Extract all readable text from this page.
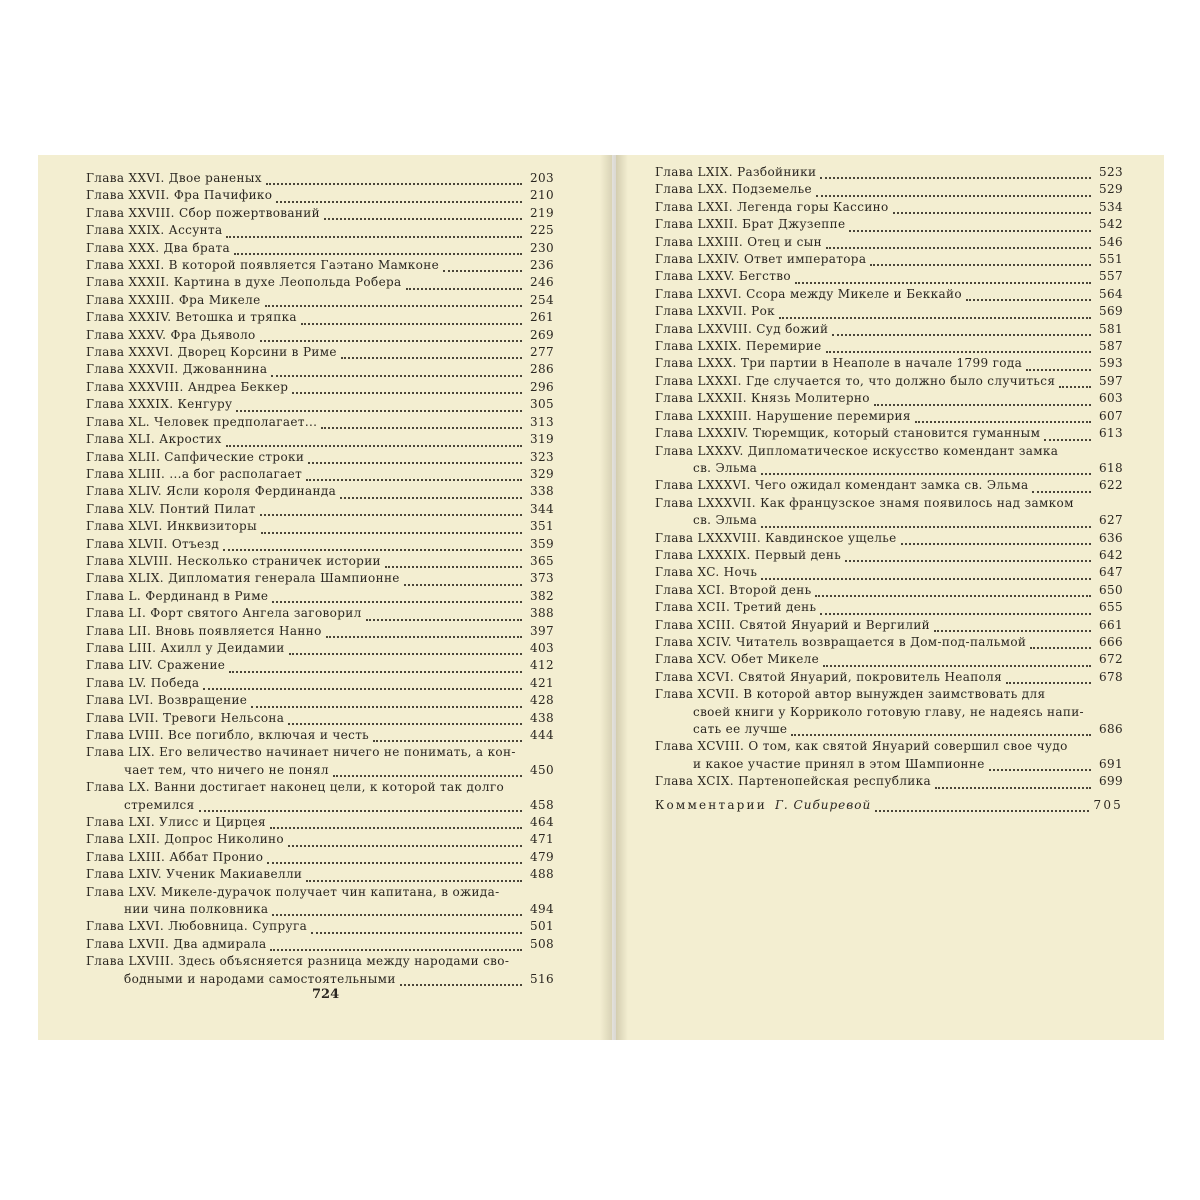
Глава XXVI. Двое раненых	203
Глава XXVII. Фра Пачифико	210
Глава XXVIII. Сбор пожертвований	219
Глава XXIX. Ассунта	225
Глава XXX. Два брата	230
Глава XXXI. В которой появляется Гаэтано Мамконе	236
Глава XXXII. Картина в духе Леопольда Робера	246
Глава XXXIII. Фра Микеле	254
Глава XXXIV. Ветошка и тряпка	261
Глава XXXV. Фра Дьяволо	269
Глава XXXVI. Дворец Корсини в Риме	277
Глава XXXVII. Джованнина	286
Глава XXXVIII. Андреа Беккер	296
Глава XXXIX. Кенгуру	305
Глава XL. Человек предполагает...	313
Глава XLI. Акростих	319
Глава XLII. Сапфические строки	323
Глава XLIII. ...а бог располагает	329
Глава XLIV. Ясли короля Фердинанда	338
Глава XLV. Понтий Пилат	344
Глава XLVI. Инквизиторы	351
Глава XLVII. Отъезд	359
Глава XLVIII. Несколько страничек истории	365
Глава XLIX. Дипломатия генерала Шампионне	373
Глава L. Фердинанд в Риме	382
Глава LI. Форт святого Ангела заговорил	388
Глава LII. Вновь появляется Нанно	397
Глава LIII. Ахилл у Деидамии	403
Глава LIV. Сражение	412
Глава LV. Победа	421
Глава LVI. Возвращение	428
Глава LVII. Тревоги Нельсона	438
Глава LVIII. Все погибло, включая и честь	444
Глава LIX. Его величество начинает ничего не понимать, а кон-
чает тем, что ничего не понял	450
Глава LX. Ванни достигает наконец цели, к которой так долго
стремился	458
Глава LXI. Улисс и Цирцея	464
Глава LXII. Допрос Николино	471
Глава LXIII. Аббат Пронио	479
Глава LXIV. Ученик Макиавелли	488
Глава LXV. Микеле-дурачок получает чин капитана, в ожида-
нии чина полковника	494
Глава LXVI. Любовница. Супруга	501
Глава LXVII. Два адмирала	508
Глава LXVIII. Здесь объясняется разница между народами сво-
бодными и народами самостоятельными	516
724
Глава LXIX. Разбойники	523
Глава LXX. Подземелье	529
Глава LXXI. Легенда горы Кассино	534
Глава LXXII. Брат Джузеппе	542
Глава LXXIII. Отец и сын	546
Глава LXXIV. Ответ императора	551
Глава LXXV. Бегство	557
Глава LXXVI. Ссора между Микеле и Беккайо	564
Глава LXXVII. Рок	569
Глава LXXVIII. Суд божий	581
Глава LXXIX. Перемирие	587
Глава LXXX. Три партии в Неаполе в начале 1799 года	593
Глава LXXXI. Где случается то, что должно было случиться	597
Глава LXXXII. Князь Молитерно	603
Глава LXXXIII. Нарушение перемирия	607
Глава LXXXIV. Тюремщик, который становится гуманным	613
Глава LXXXV. Дипломатическое искусство комендант замка
св. Эльма	618
Глава LXXXVI. Чего ожидал комендант замка св. Эльма	622
Глава LXXXVII. Как французское знамя появилось над замком
св. Эльма	627
Глава LXXXVIII. Кавдинское ущелье	636
Глава LXXXIX. Первый день	642
Глава XC. Ночь	647
Глава XCI. Второй день	650
Глава XCII. Третий день	655
Глава XCIII. Святой Януарий и Вергилий	661
Глава XCIV. Читатель возвращается в Дом-под-пальмой	666
Глава XCV. Обет Микеле	672
Глава XCVI. Святой Януарий, покровитель Неаполя	678
Глава XCVII. В которой автор вынужден заимствовать для
своей книги у Корриколо готовую главу, не надеясь напи-
сать ее лучше	686
Глава XCVIII. О том, как святой Януарий совершил свое чудо
и какое участие принял в этом Шампионне	691
Глава XCIX. Партенопейская республика	699
Комментарии Г. Сибиревой	705
